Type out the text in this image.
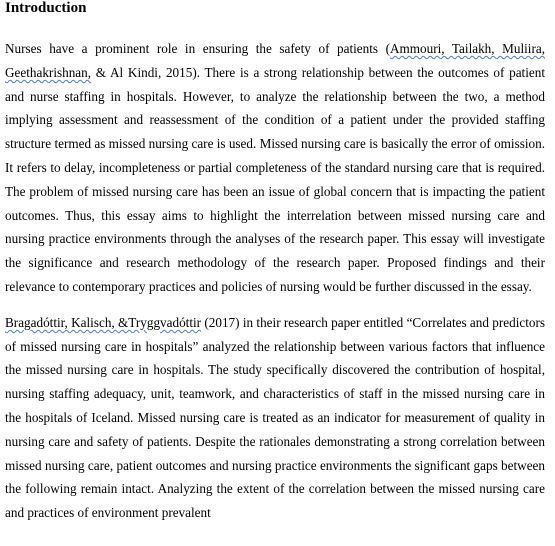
Introduction

Nurses have a prominent role in ensuring the safety of patients (Ammouri, Tailakh, Muliira, Geethakrishnan, & Al Kindi, 2015). There is a strong relationship between the outcomes of patient and nurse staffing in hospitals. However, to analyze the relationship between the two, a method implying assessment and reassessment of the condition of a patient under the provided staffing structure termed as missed nursing care is used. Missed nursing care is basically the error of omission. It refers to delay, incompleteness or partial completeness of the standard nursing care that is required. The problem of missed nursing care has been an issue of global concern that is impacting the patient outcomes. Thus, this essay aims to highlight the interrelation between missed nursing care and nursing practice environments through the analyses of the research paper. This essay will investigate the significance and research methodology of the research paper. Proposed findings and their relevance to contemporary practices and policies of nursing would be further discussed in the essay.

Bragadóttir, Kalisch, &Tryggvadóttir (2017) in their research paper entitled “Correlates and predictors of missed nursing care in hospitals” analyzed the relationship between various factors that influence the missed nursing care in hospitals. The study specifically discovered the contribution of hospital, nursing staffing adequacy, unit, teamwork, and characteristics of staff in the missed nursing care in the hospitals of Iceland. Missed nursing care is treated as an indicator for measurement of quality in nursing care and safety of patients. Despite the rationales demonstrating a strong correlation between missed nursing care, patient outcomes and nursing practice environments the significant gaps between the following remain intact. Analyzing the extent of the correlation between the missed nursing care and practices of environment prevalent
